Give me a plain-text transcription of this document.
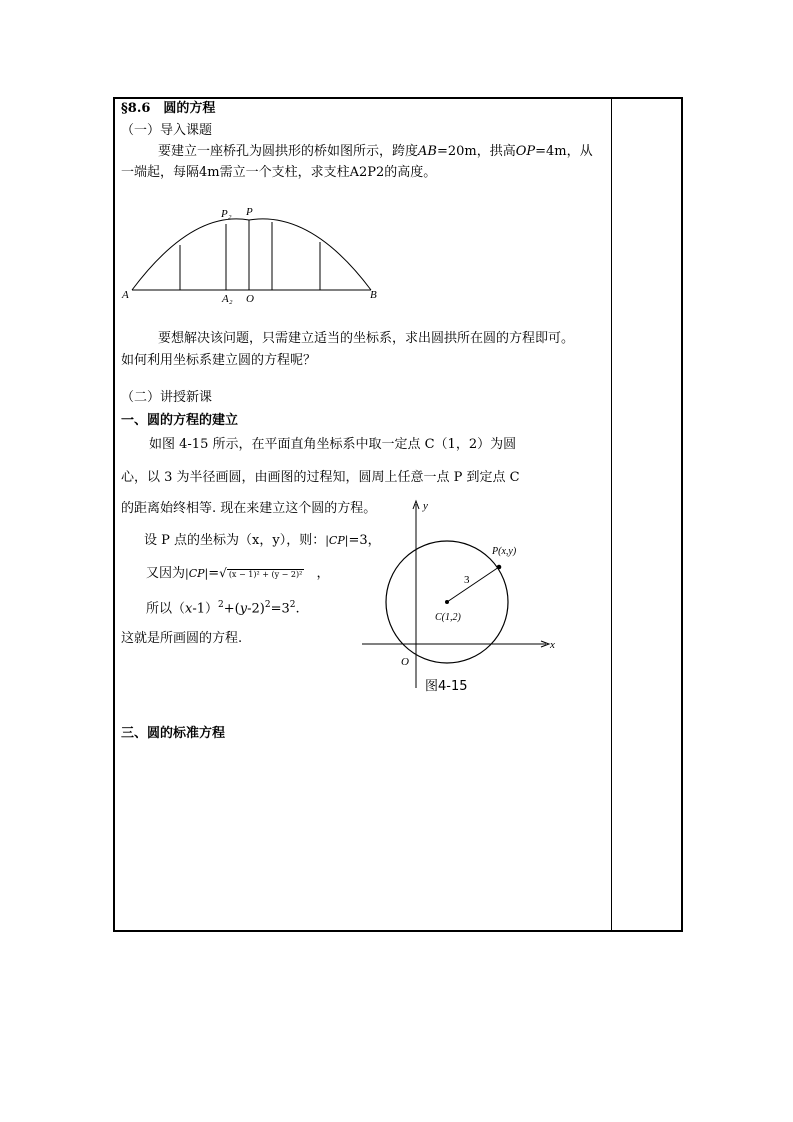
§8.6　圆的方程
（一）导入课题
要建立一座桥孔为圆拱形的桥如图所示，跨度AB=20m，拱高OP=4m，从
一端起，每隔4m需立一个支柱，求支柱A2P2的高度。
A	B
O
A₂
P
P₂
要想解决该问题，只需建立适当的坐标系，求出圆拱所在圆的方程即可。
如何利用坐标系建立圆的方程呢？
（二）讲授新课
一、圆的方程的建立
如图 4-15 所示，在平面直角坐标系中取一定点 C（1，2）为圆
心，以 3 为半径画圆，由画图的过程知，圆周上任意一点 P 到定点 C
的距离始终相等. 现在来建立这个圆的方程。
设 P 点的坐标为（x，y），则：|CP|=3，
又因为|CP|=√ (x − 1)² + (y − 2)² ，
所以$(x-1)^2+(y-2)^2=3^2$.
这就是所画圆的方程.	x
y
O
P(x,y)
C(1,2)
3
图4-15
三、圆的标准方程
